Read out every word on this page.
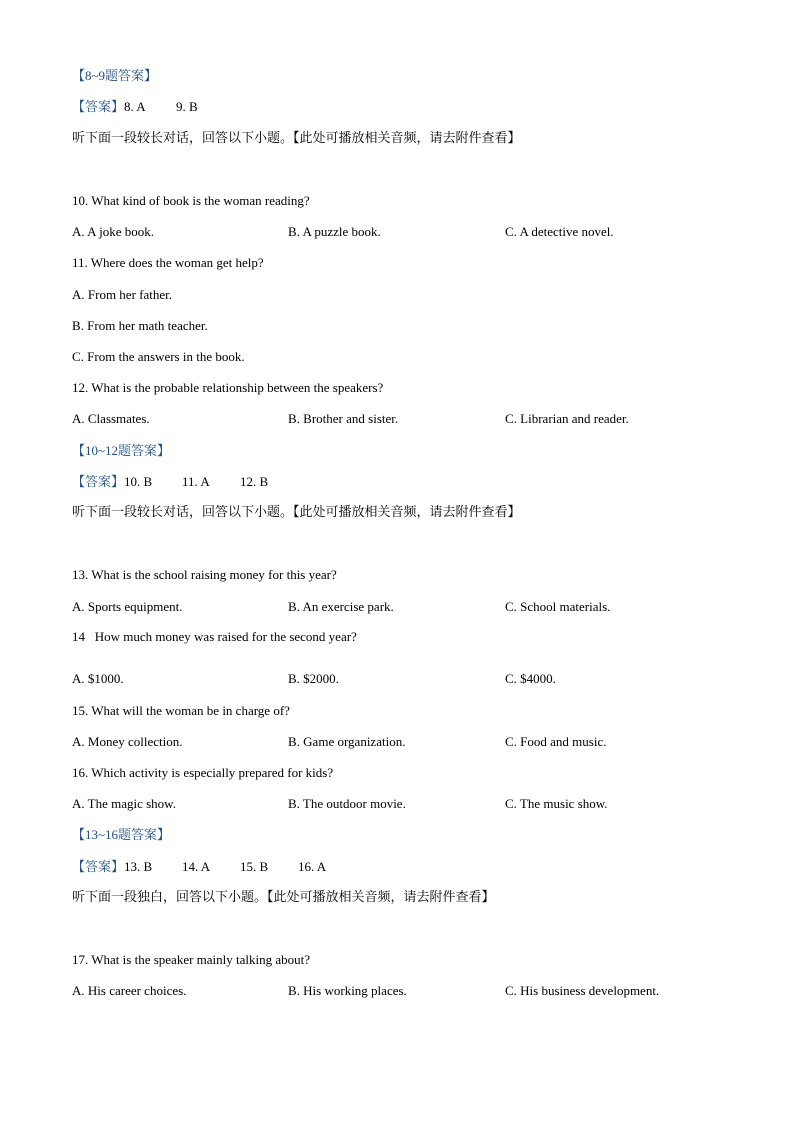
【8~9题答案】
【答案】8. A 9. B
听下面一段较长对话，回答以下小题。【此处可播放相关音频，请去附件查看】
10. What kind of book is the woman reading?
A. A joke book.	B. A puzzle book.	C. A detective novel.
11. Where does the woman get help?
A. From her father.
B. From her math teacher.
C. From the answers in the book.
12. What is the probable relationship between the speakers?
A. Classmates.	B. Brother and sister.	C. Librarian and reader.
【10~12题答案】
【答案】10. B 11. A 12. B
听下面一段较长对话，回答以下小题。【此处可播放相关音频，请去附件查看】
13. What is the school raising money for this year?
A. Sports equipment.	B. An exercise park.	C. School materials.
14   How much money was raised for the second year?
A. $1000.	B. $2000.	C. $4000.
15. What will the woman be in charge of?
A. Money collection.	B. Game organization.	C. Food and music.
16. Which activity is especially prepared for kids?
A. The magic show.	B. The outdoor movie.	C. The music show.
【13~16题答案】
【答案】13. B 14. A 15. B 16. A
听下面一段独白，回答以下小题。【此处可播放相关音频，请去附件查看】
17. What is the speaker mainly talking about?
A. His career choices.	B. His working places.	C. His business development.
